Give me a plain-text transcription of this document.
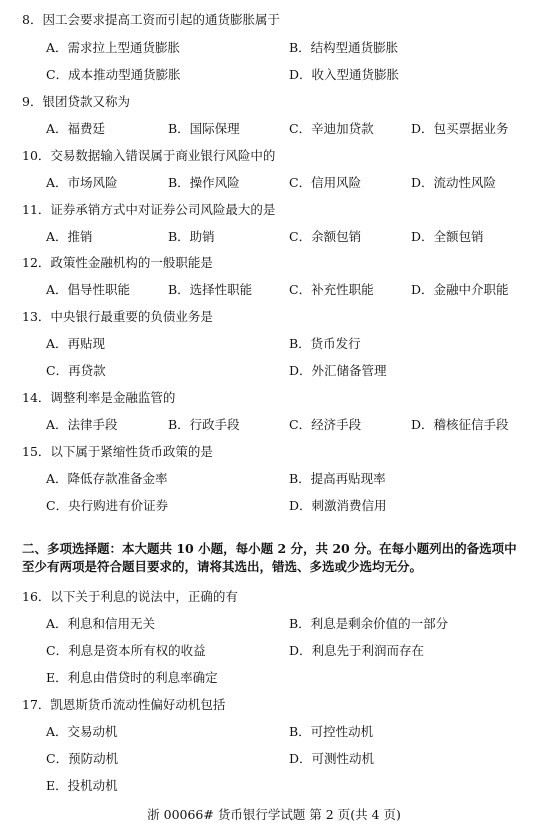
8．因工会要求提高工资而引起的通货膨胀属于
A．需求拉上型通货膨胀	B．结构型通货膨胀
C．成本推动型通货膨胀	D．收入型通货膨胀
9．银团贷款又称为
A．福费廷	B．国际保理	C．辛迪加贷款	D．包买票据业务
10．交易数据输入错误属于商业银行风险中的
A．市场风险	B．操作风险	C．信用风险	D．流动性风险
11．证券承销方式中对证券公司风险最大的是
A．推销	B．助销	C．余额包销	D．全额包销
12．政策性金融机构的一般职能是
A．倡导性职能	B．选择性职能	C．补充性职能	D．金融中介职能
13．中央银行最重要的负债业务是
A．再贴现	B．货币发行
C．再贷款	D．外汇储备管理
14．调整利率是金融监管的
A．法律手段	B．行政手段	C．经济手段	D．稽核征信手段
15．以下属于紧缩性货币政策的是
A．降低存款准备金率	B．提高再贴现率
C．央行购进有价证券	D．刺激消费信用
二、多项选择题：本大题共 10 小题，每小题 2 分，共 20 分。在每小题列出的备选项中
至少有两项是符合题目要求的，请将其选出，错选、多选或少选均无分。
16．以下关于利息的说法中，正确的有
A．利息和信用无关	B．利息是剩余价值的一部分
C．利息是资本所有权的收益	D．利息先于利润而存在
E．利息由借贷时的利息率确定
17．凯恩斯货币流动性偏好动机包括
A．交易动机	B．可控性动机
C．预防动机	D．可测性动机
E．投机动机
浙 00066# 货币银行学试题 第 2 页(共 4 页)
